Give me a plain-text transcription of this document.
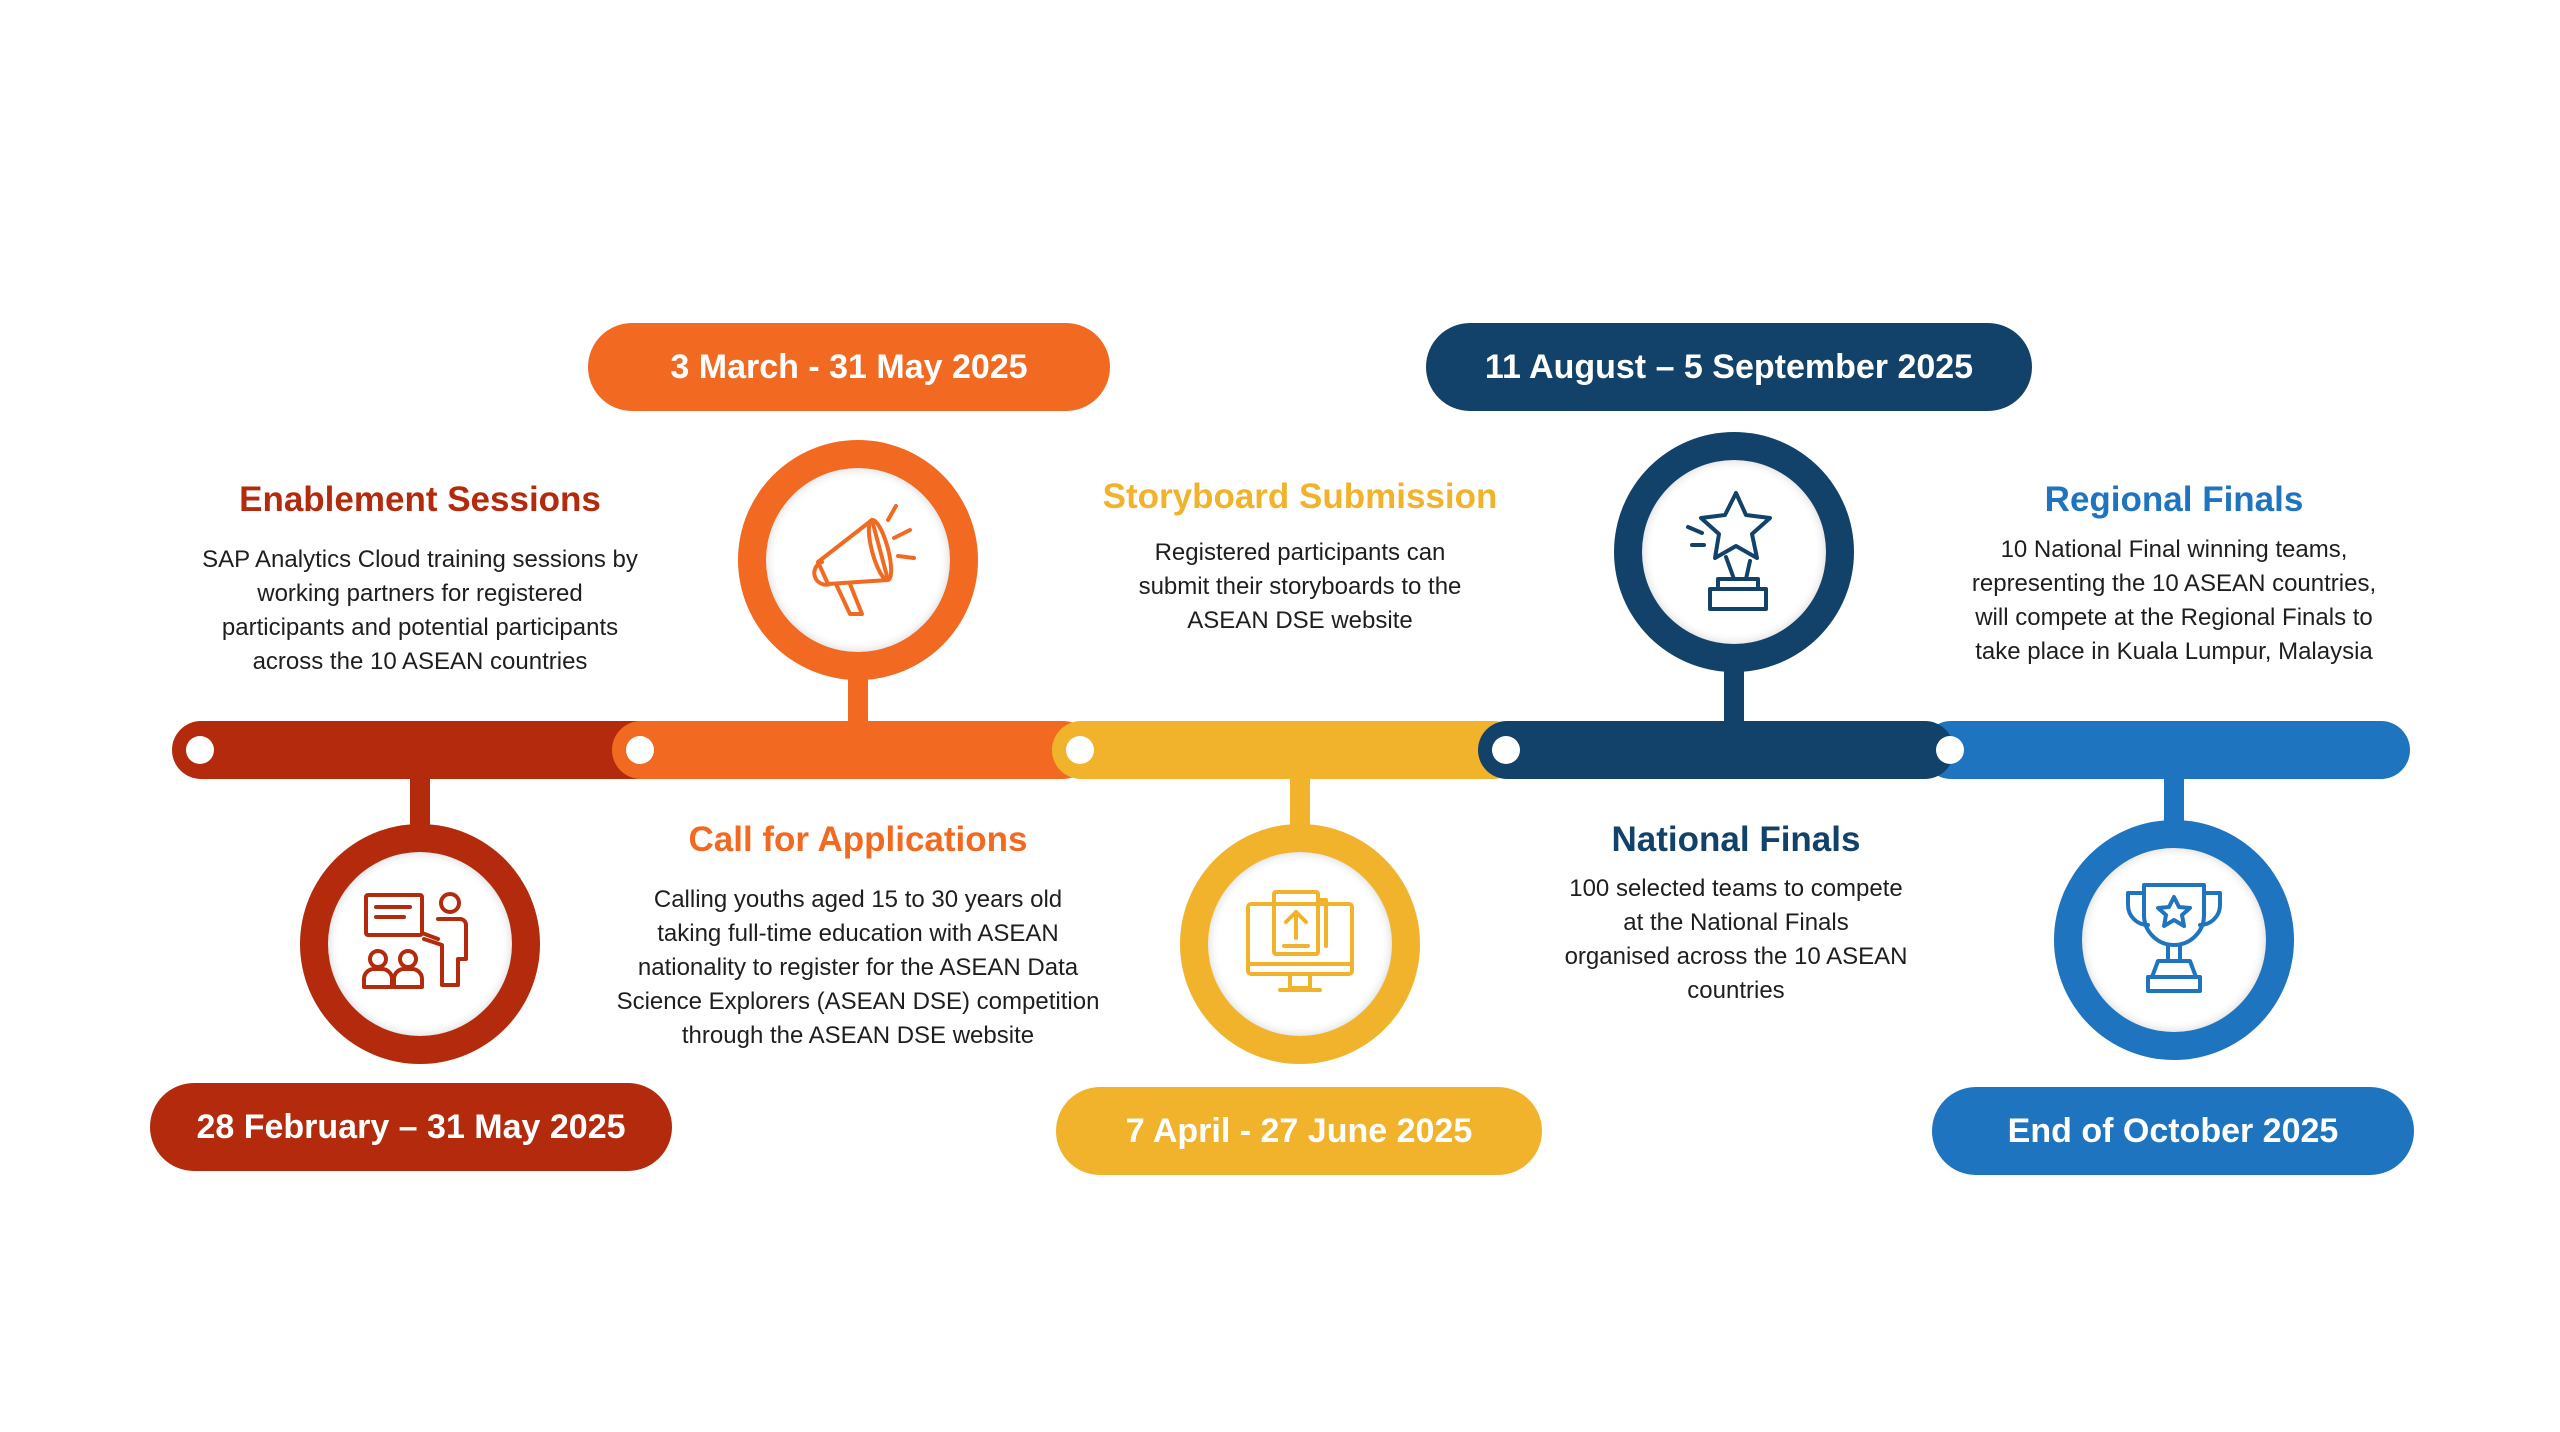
28 February – 31 May 2025
Enablement Sessions
SAP Analytics Cloud training sessions by
working partners for registered
participants and potential participants
across the 10 ASEAN countries
3 March - 31 May 2025
Call for Applications
Calling youths aged 15 to 30 years old
taking full-time education with ASEAN
nationality to register for the ASEAN Data
Science Explorers (ASEAN DSE) competition
through the ASEAN DSE website
Storyboard Submission
Registered participants can
submit their storyboards to the
ASEAN DSE website
7 April - 27 June 2025
11 August – 5 September 2025
National Finals
100 selected teams to compete
at the National Finals
organised across the 10 ASEAN
countries
Regional Finals
10 National Final winning teams,
representing the 10 ASEAN countries,
will compete at the Regional Finals to
take place in Kuala Lumpur, Malaysia
End of October 2025
